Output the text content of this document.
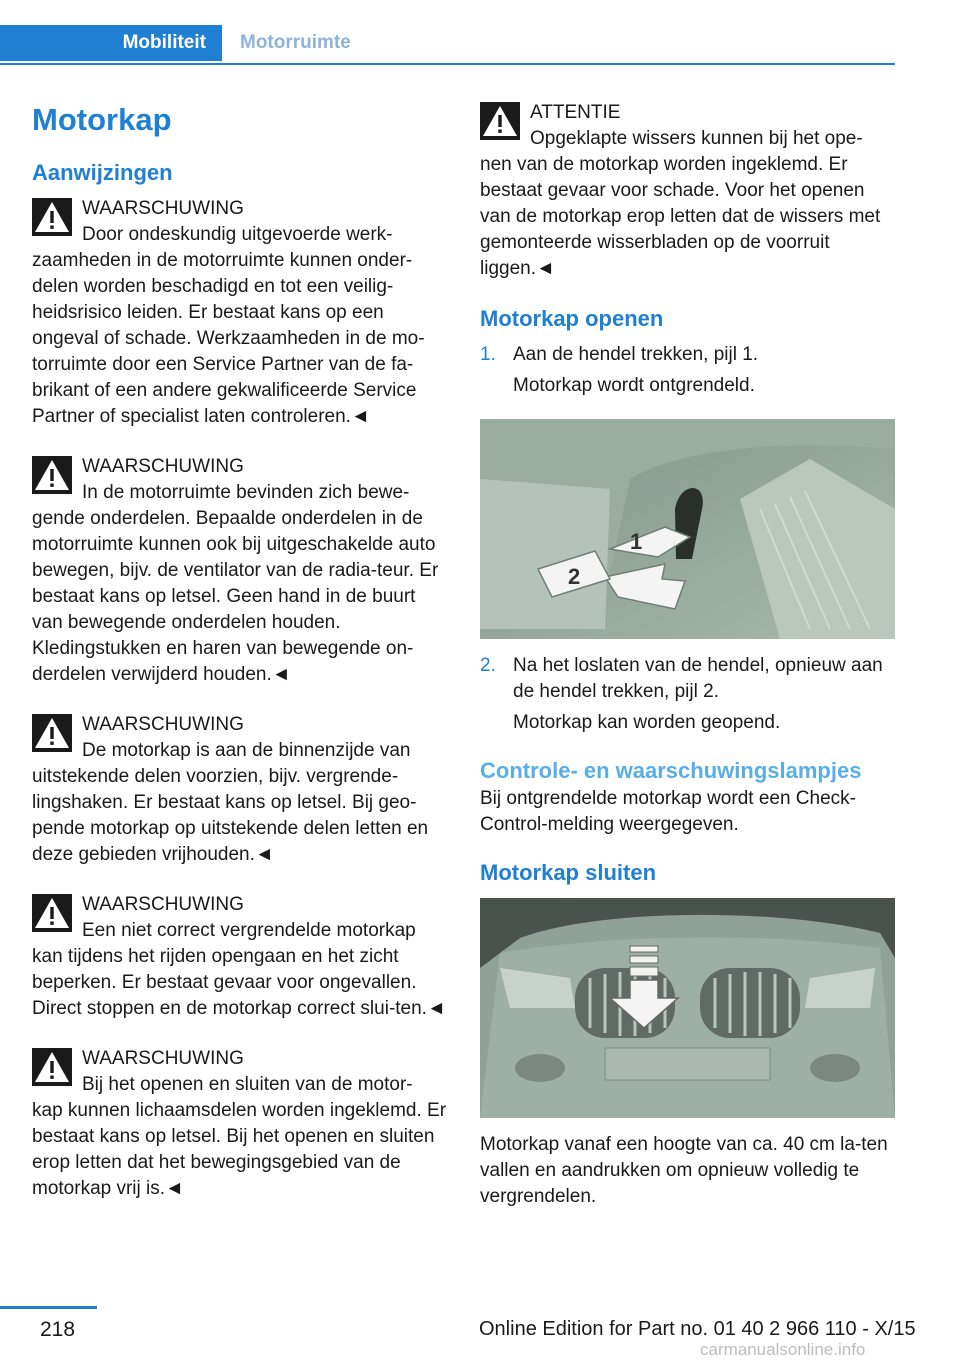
Mobiliteit	Motorruimte
Motorkap
Aanwijzingen

WAARSCHUWING

Door ondeskundig uitgevoerde werk-

zaamheden in de motorruimte kunnen onder-delen worden beschadigd en tot een veilig-heidsrisico leiden. Er bestaat kans op een ongeval of schade. Werkzaamheden in de mo-torruimte door een Service Partner van de fa-brikant of een andere gekwalificeerde Service Partner of specialist laten controleren.◄

WAARSCHUWING

In de motorruimte bevinden zich bewe-

gende onderdelen. Bepaalde onderdelen in de motorruimte kunnen ook bij uitgeschakelde auto bewegen, bijv. de ventilator van de radia-teur. Er bestaat kans op letsel. Geen hand in de buurt van bewegende onderdelen houden. Kledingstukken en haren van bewegende on-derdelen verwijderd houden.◄

WAARSCHUWING

De motorkap is aan de binnenzijde van

uitstekende delen voorzien, bijv. vergrende-lingshaken. Er bestaat kans op letsel. Bij geo-pende motorkap op uitstekende delen letten en deze gebieden vrijhouden.◄

WAARSCHUWING

Een niet correct vergrendelde motorkap

kan tijdens het rijden opengaan en het zicht beperken. Er bestaat gevaar voor ongevallen. Direct stoppen en de motorkap correct slui-ten.◄

WAARSCHUWING

Bij het openen en sluiten van de motor-

kap kunnen lichaamsdelen worden ingeklemd. Er bestaat kans op letsel. Bij het openen en sluiten erop letten dat het bewegingsgebied van de motorkap vrij is.◄

ATTENTIE

Opgeklapte wissers kunnen bij het ope-

nen van de motorkap worden ingeklemd. Er bestaat gevaar voor schade. Voor het openen van de motorkap erop letten dat de wissers met gemonteerde wisserbladen op de voorruit liggen.◄

Motorkap openen
1. Aan de hendel trekken, pijl 1.

Motorkap wordt ontgrendeld.

1
2
2. Na het loslaten van de hendel, opnieuw aan de hendel trekken, pijl 2.

Motorkap kan worden geopend.

Controle- en waarschuwingslampjes

Bij ontgrendelde motorkap wordt een Check-Control-melding weergegeven.

Motorkap sluiten

Motorkap vanaf een hoogte van ca. 40 cm la-ten vallen en aandrukken om opnieuw volledig te vergrendelen.

218	Online Edition for Part no. 01 40 2 966 110 - X/15
carmanualsonline.info
